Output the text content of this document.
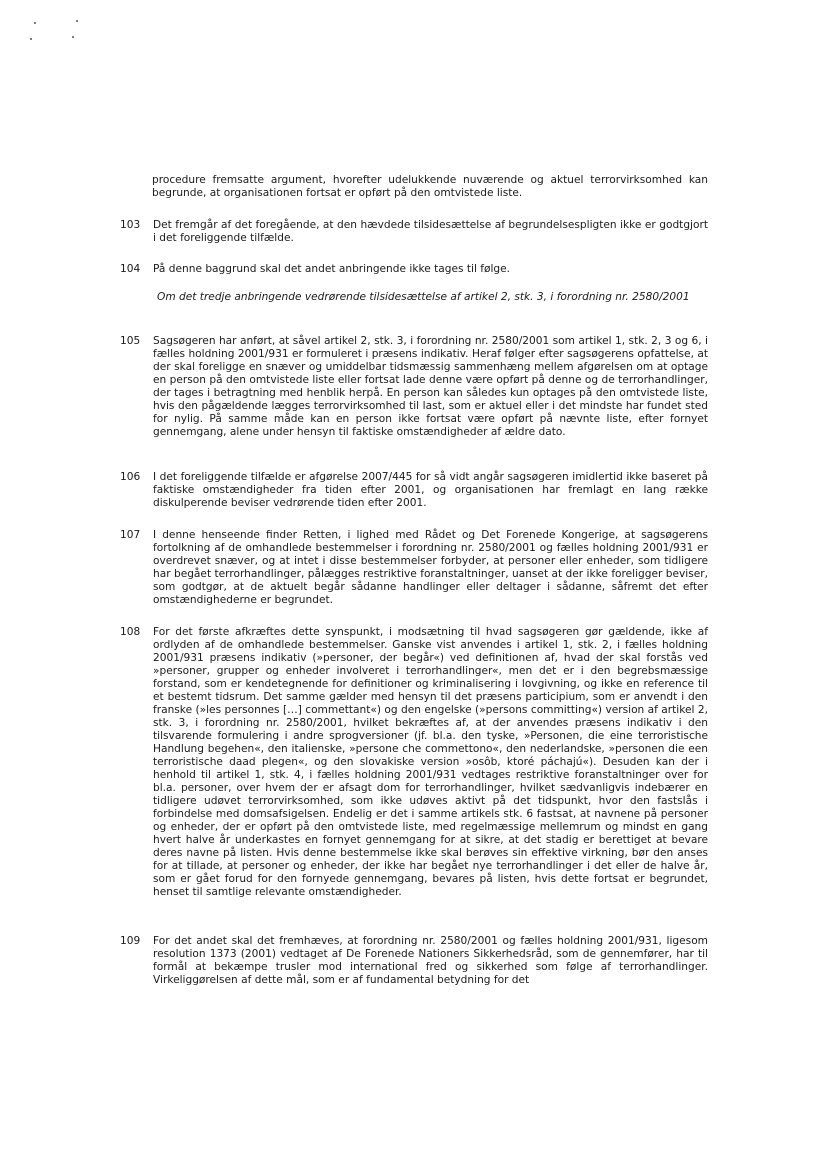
procedure fremsatte argument, hvorefter udelukkende nuværende og aktuel terrorvirksomhed kan begrunde, at organisationen fortsat er opført på den omtvistede liste.
103	Det fremgår af det foregående, at den hævdede tilsidesættelse af begrundelsespligten ikke er godtgjort i det foreliggende tilfælde.
104	På denne baggrund skal det andet anbringende ikke tages til følge.
Om det tredje anbringende vedrørende tilsidesættelse af artikel 2, stk. 3, i forordning nr. 2580/2001
105	Sagsøgeren har anført, at såvel artikel 2, stk. 3, i forordning nr. 2580/2001 som artikel 1, stk. 2, 3 og 6, i fælles holdning 2001/931 er formuleret i præsens indikativ. Heraf følger efter sagsøgerens opfattelse, at der skal foreligge en snæver og umiddelbar tidsmæssig sammenhæng mellem afgørelsen om at optage en person på den omtvistede liste eller fortsat lade denne være opført på denne og de terrorhandlinger, der tages i betragtning med henblik herpå. En person kan således kun optages på den omtvistede liste, hvis den pågældende lægges terrorvirksomhed til last, som er aktuel eller i det mindste har fundet sted for nylig. På samme måde kan en person ikke fortsat være opført på nævnte liste, efter fornyet gennemgang, alene under hensyn til faktiske omstændigheder af ældre dato.
106	I det foreliggende tilfælde er afgørelse 2007/445 for så vidt angår sagsøgeren imidlertid ikke baseret på faktiske omstændigheder fra tiden efter 2001, og organisationen har fremlagt en lang række diskulperende beviser vedrørende tiden efter 2001.
107	I denne henseende finder Retten, i lighed med Rådet og Det Forenede Kongerige, at sagsøgerens fortolkning af de omhandlede bestemmelser i forordning nr. 2580/2001 og fælles holdning 2001/931 er overdrevet snæver, og at intet i disse bestemmelser forbyder, at personer eller enheder, som tidligere har begået terrorhandlinger, pålægges restriktive foranstaltninger, uanset at der ikke foreligger beviser, som godtgør, at de aktuelt begår sådanne handlinger eller deltager i sådanne, såfremt det efter omstændighederne er begrundet.
108	For det første afkræftes dette synspunkt, i modsætning til hvad sagsøgeren gør gældende, ikke af ordlyden af de omhandlede bestemmelser. Ganske vist anvendes i artikel 1, stk. 2, i fælles holdning 2001/931 præsens indikativ (»personer, der begår«) ved definitionen af, hvad der skal forstås ved »personer, grupper og enheder involveret i terrorhandlinger«, men det er i den begrebsmæssige forstand, som er kendetegnende for definitioner og kriminalisering i lovgivning, og ikke en reference til et bestemt tidsrum. Det samme gælder med hensyn til det præsens participium, som er anvendt i den franske (»les personnes […] commettant«) og den engelske (»persons committing«) version af artikel 2, stk. 3, i forordning nr. 2580/2001, hvilket bekræftes af, at der anvendes præsens indikativ i den tilsvarende formulering i andre sprogversioner (jf. bl.a. den tyske, »Personen, die eine terroristische Handlung begehen«, den italienske, »persone che commettono«, den nederlandske, »personen die een terroristische daad plegen«, og den slovakiske version »osôb, ktoré páchajú«). Desuden kan der i henhold til artikel 1, stk. 4, i fælles holdning 2001/931 vedtages restriktive foranstaltninger over for bl.a. personer, over hvem der er afsagt dom for terrorhandlinger, hvilket sædvanligvis indebærer en tidligere udøvet terrorvirksomhed, som ikke udøves aktivt på det tidspunkt, hvor den fastslås i forbindelse med domsafsigelsen. Endelig er det i samme artikels stk. 6 fastsat, at navnene på personer og enheder, der er opført på den omtvistede liste, med regelmæssige mellemrum og mindst en gang hvert halve år underkastes en fornyet gennemgang for at sikre, at det stadig er berettiget at bevare deres navne på listen. Hvis denne bestemmelse ikke skal berøves sin effektive virkning, bør den anses for at tillade, at personer og enheder, der ikke har begået nye terrorhandlinger i det eller de halve år, som er gået forud for den fornyede gennemgang, bevares på listen, hvis dette fortsat er begrundet, henset til samtlige relevante omstændigheder.
109	For det andet skal det fremhæves, at forordning nr. 2580/2001 og fælles holdning 2001/931, ligesom resolution 1373 (2001) vedtaget af De Forenede Nationers Sikkerhedsråd, som de gennemfører, har til formål at bekæmpe trusler mod international fred og sikkerhed som følge af terrorhandlinger. Virkeliggørelsen af dette mål, som er af fundamental betydning for det
